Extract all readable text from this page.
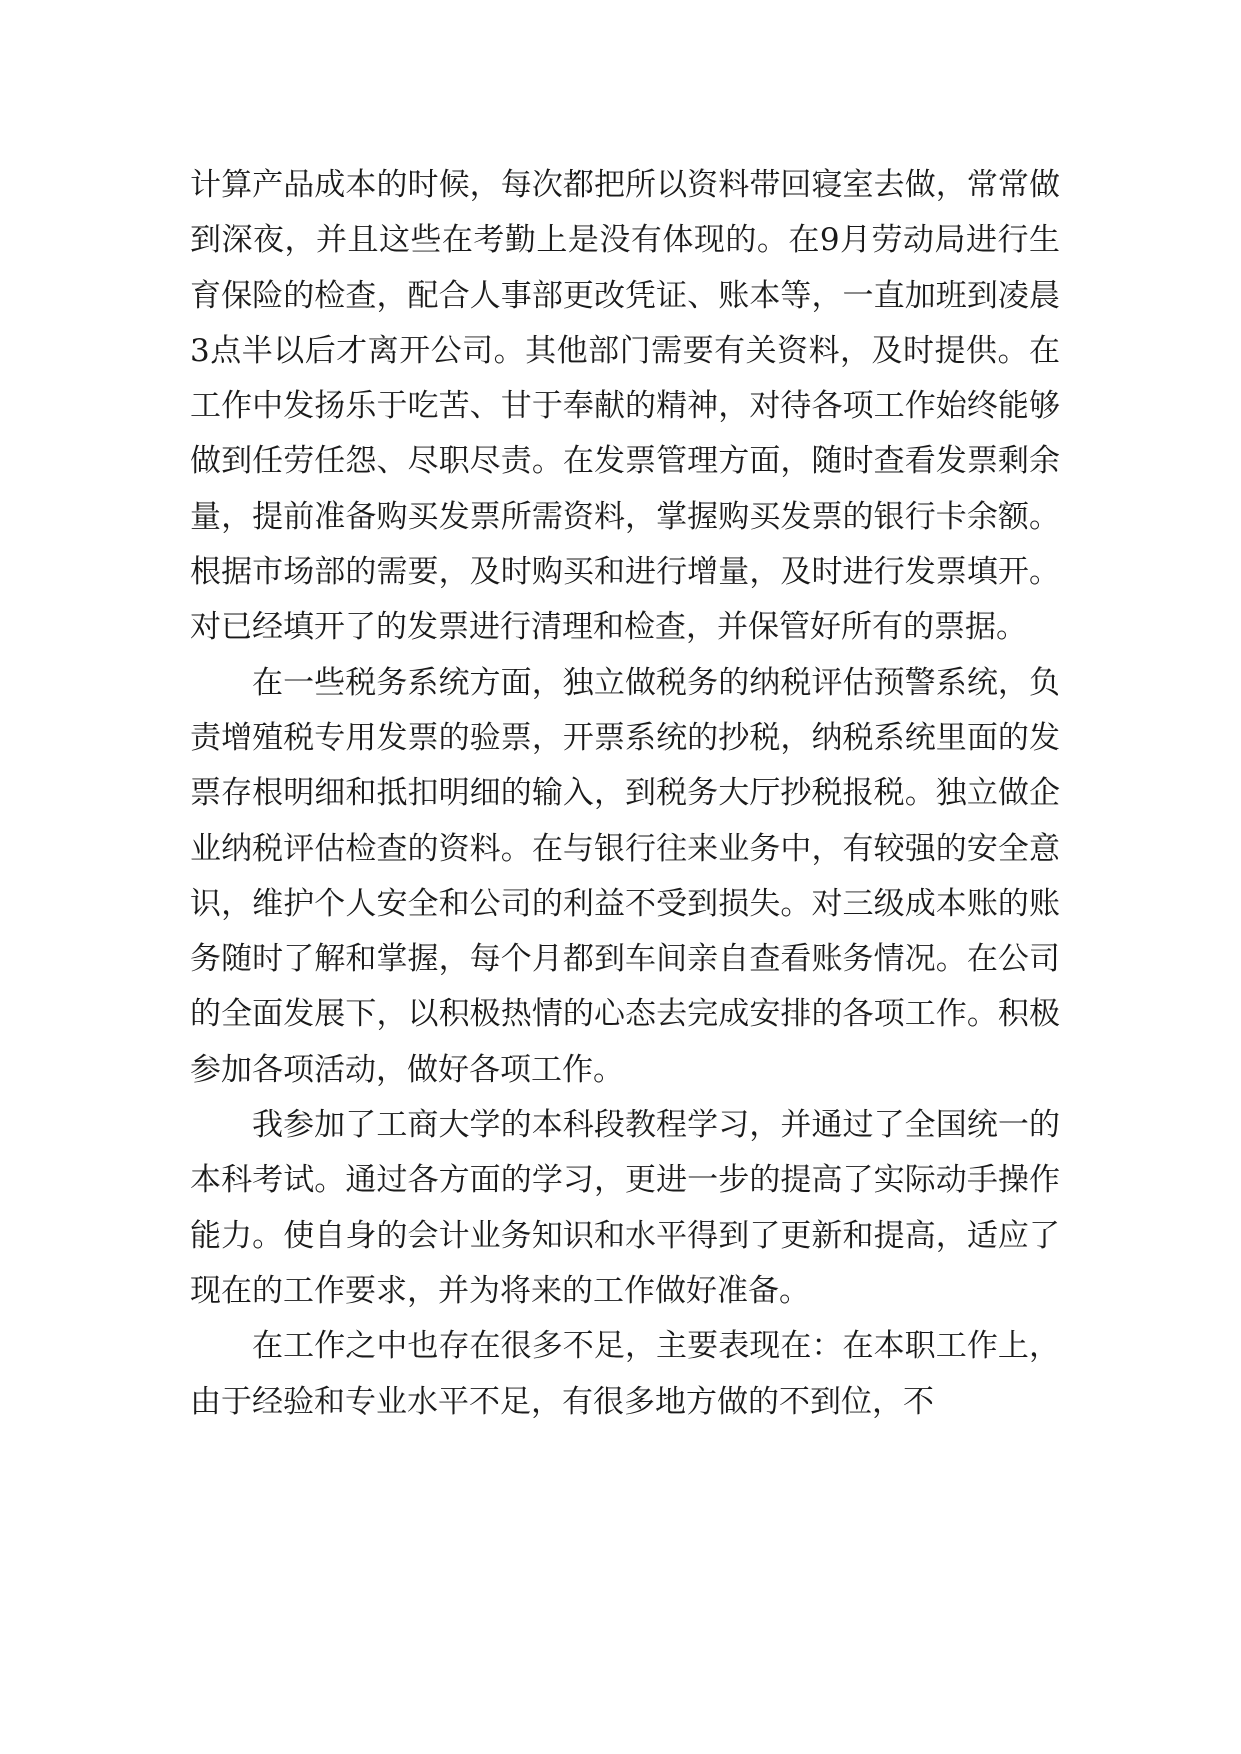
计算产品成本的时候，每次都把所以资料带回寝室去做，常常做到深夜，并且这些在考勤上是没有体现的。在9月劳动局进行生育保险的检查，配合人事部更改凭证、账本等，一直加班到凌晨3点半以后才离开公司。其他部门需要有关资料，及时提供。在工作中发扬乐于吃苦、甘于奉献的精神，对待各项工作始终能够做到任劳任怨、尽职尽责。在发票管理方面，随时查看发票剩余量，提前准备购买发票所需资料，掌握购买发票的银行卡余额。根据市场部的需要，及时购买和进行增量，及时进行发票填开。对已经填开了的发票进行清理和检查，并保管好所有的票据。

在一些税务系统方面，独立做税务的纳税评估预警系统，负责增殖税专用发票的验票，开票系统的抄税，纳税系统里面的发票存根明细和抵扣明细的输入，到税务大厅抄税报税。独立做企业纳税评估检查的资料。在与银行往来业务中，有较强的安全意识，维护个人安全和公司的利益不受到损失。对三级成本账的账务随时了解和掌握，每个月都到车间亲自查看账务情况。在公司的全面发展下，以积极热情的心态去完成安排的各项工作。积极参加各项活动，做好各项工作。

我参加了工商大学的本科段教程学习，并通过了全国统一的本科考试。通过各方面的学习，更进一步的提高了实际动手操作能力。使自身的会计业务知识和水平得到了更新和提高，适应了现在的工作要求，并为将来的工作做好准备。

在工作之中也存在很多不足，主要表现在：在本职工作上，由于经验和专业水平不足，有很多地方做的不到位，不
